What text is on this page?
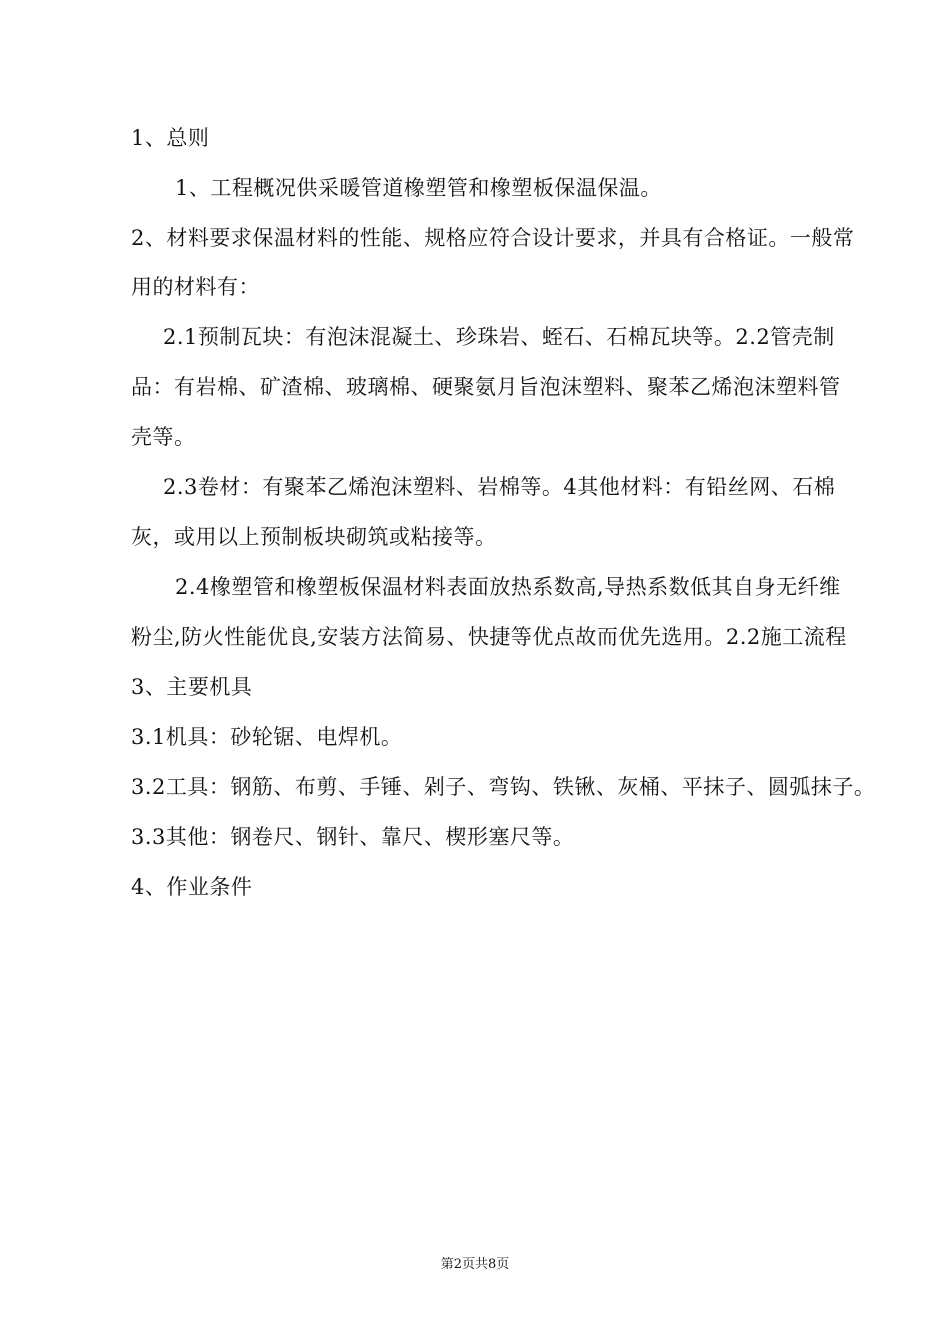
1、总则
1、工程概况供采暖管道橡塑管和橡塑板保温保温。
2、材料要求保温材料的性能、规格应符合设计要求，并具有合格证。一般常
用的材料有：
2.1预制瓦块：有泡沫混凝土、珍珠岩、蛭石、石棉瓦块等。2.2管壳制
品：有岩棉、矿渣棉、玻璃棉、硬聚氨月旨泡沫塑料、聚苯乙烯泡沫塑料管
壳等。
2.3卷材：有聚苯乙烯泡沫塑料、岩棉等。4其他材料：有铅丝网、石棉
灰，或用以上预制板块砌筑或粘接等。
2.4橡塑管和橡塑板保温材料表面放热系数高,导热系数低其自身无纤维
粉尘,防火性能优良,安装方法简易、快捷等优点故而优先选用。2.2施工流程
3、主要机具
3.1机具：砂轮锯、电焊机。
3.2工具：钢筋、布剪、手锤、剁子、弯钩、铁锹、灰桶、平抹子、圆弧抹子。
3.3其他：钢卷尺、钢针、靠尺、楔形塞尺等。
4、作业条件
第2页共8页
